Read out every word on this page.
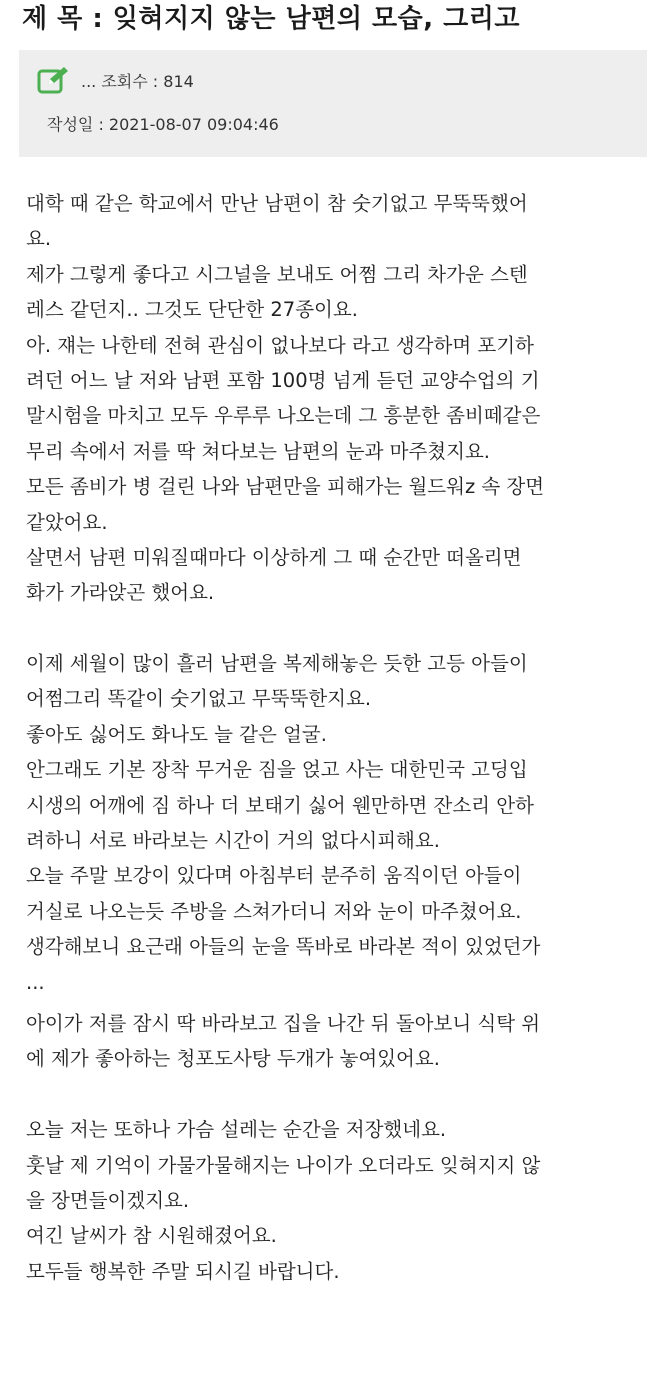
제 목 : 잊혀지지 않는 남편의 모습, 그리고
... 조회수 : 814
작성일 : 2021-08-07 09:04:46
대학 때 같은 학교에서 만난 남편이 참 숫기없고 무뚝뚝했어
요.
제가 그렇게 좋다고 시그널을 보내도 어쩜 그리 차가운 스텐
레스 같던지.. 그것도 단단한 27종이요.
아. 쟤는 나한테 전혀 관심이 없나보다 라고 생각하며 포기하
려던 어느 날 저와 남편 포함 100명 넘게 듣던 교양수업의 기
말시험을 마치고 모두 우루루 나오는데 그 흥분한 좀비떼같은
무리 속에서 저를 딱 쳐다보는 남편의 눈과 마주쳤지요.
모든 좀비가 병 걸린 나와 남편만을 피해가는 월드워z 속 장면
같았어요.
살면서 남편 미워질때마다 이상하게 그 때 순간만 떠올리면
화가 가라앉곤 했어요.
이제 세월이 많이 흘러 남편을 복제해놓은 듯한 고등 아들이
어쩜그리 똑같이 숫기없고 무뚝뚝한지요.
좋아도 싫어도 화나도 늘 같은 얼굴.
안그래도 기본 장착 무거운 짐을 얹고 사는 대한민국 고딩입
시생의 어깨에 짐 하나 더 보태기 싫어 웬만하면 잔소리 안하
려하니 서로 바라보는 시간이 거의 없다시피해요.
오늘 주말 보강이 있다며 아침부터 분주히 움직이던 아들이
거실로 나오는듯 주방을 스쳐가더니 저와 눈이 마주쳤어요.
생각해보니 요근래 아들의 눈을 똑바로 바라본 적이 있었던가
...
아이가 저를 잠시 딱 바라보고 집을 나간 뒤 돌아보니 식탁 위
에 제가 좋아하는 청포도사탕 두개가 놓여있어요.
오늘 저는 또하나 가슴 설레는 순간을 저장했네요.
훗날 제 기억이 가물가물해지는 나이가 오더라도 잊혀지지 않
을 장면들이겠지요.
여긴 날씨가 참 시원해졌어요.
모두들 행복한 주말 되시길 바랍니다.
